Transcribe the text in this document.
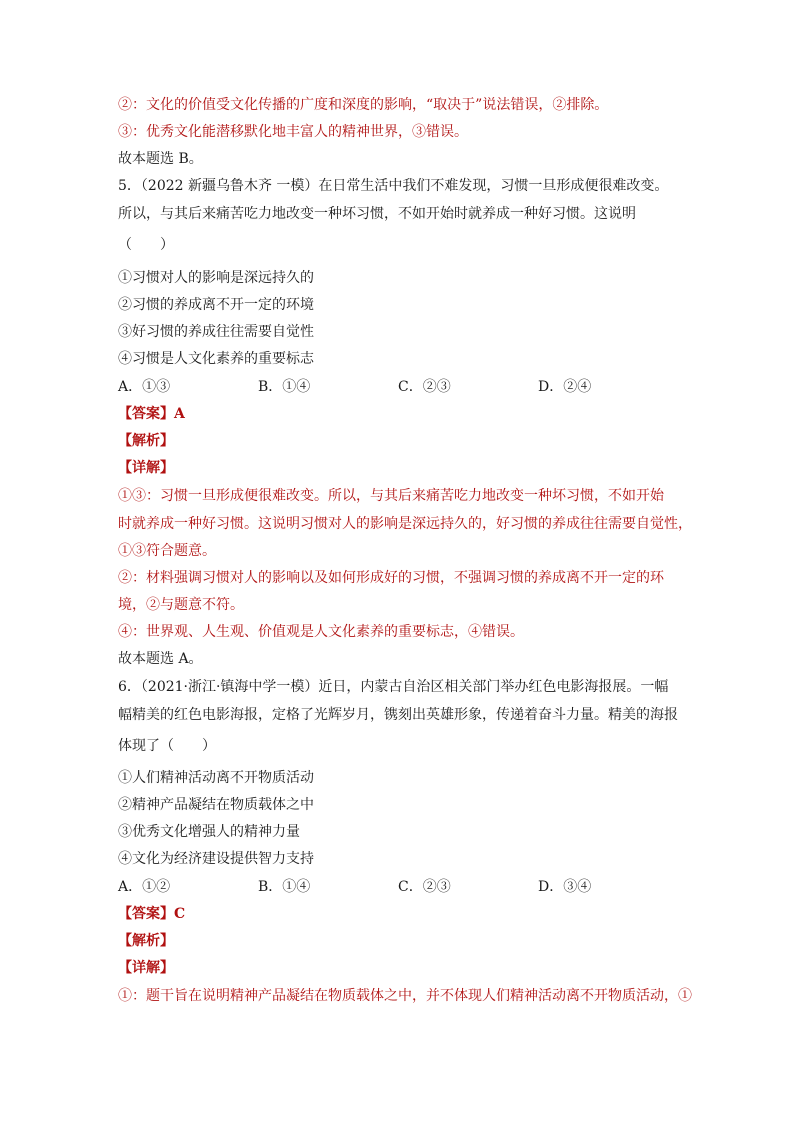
②：文化的价值受文化传播的广度和深度的影响，“取决于”说法错误，②排除。
③：优秀文化能潜移默化地丰富人的精神世界，③错误。
故本题选 B。
5．（2022 新疆乌鲁木齐 一模）在日常生活中我们不难发现，习惯一旦形成便很难改变。
所以，与其后来痛苦吃力地改变一种坏习惯，不如开始时就养成一种好习惯。这说明
（　　）
①习惯对人的影响是深远持久的
②习惯的养成离不开一定的环境
③好习惯的养成往往需要自觉性
④习惯是人文化素养的重要标志
A．①③	B．①④	C．②③	D．②④
【答案】A
【解析】
【详解】
①③：习惯一旦形成便很难改变。所以，与其后来痛苦吃力地改变一种坏习惯，不如开始
时就养成一种好习惯。这说明习惯对人的影响是深远持久的，好习惯的养成往往需要自觉性，
①③符合题意。
②：材料强调习惯对人的影响以及如何形成好的习惯，不强调习惯的养成离不开一定的环
境，②与题意不符。
④：世界观、人生观、价值观是人文化素养的重要标志，④错误。
故本题选 A。
6．（2021·浙江·镇海中学一模）近日，内蒙古自治区相关部门举办红色电影海报展。一幅
幅精美的红色电影海报，定格了光辉岁月，镌刻出英雄形象，传递着奋斗力量。精美的海报
体现了（　　）
①人们精神活动离不开物质活动
②精神产品凝结在物质载体之中
③优秀文化增强人的精神力量
④文化为经济建设提供智力支持
A．①②	B．①④	C．②③	D．③④
【答案】C
【解析】
【详解】
①：题干旨在说明精神产品凝结在物质载体之中，并不体现人们精神活动离不开物质活动，①
